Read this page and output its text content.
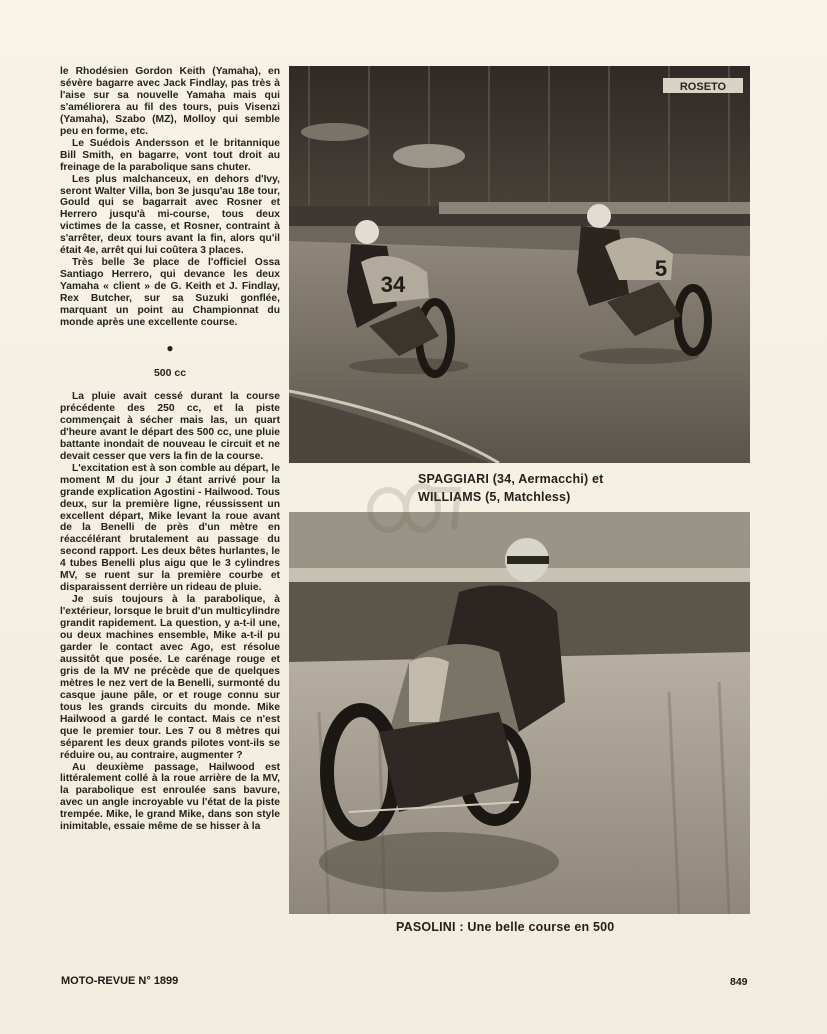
le Rhodésien Gordon Keith (Yamaha), en sévère bagarre avec Jack Findlay, pas très à l'aise sur sa nouvelle Yamaha mais qui s'améliorera au fil des tours, puis Visenzi (Yamaha), Szabo (MZ), Molloy qui semble peu en forme, etc.

Le Suédois Andersson et le britannique Bill Smith, en bagarre, vont tout droit au freinage de la parabolique sans chuter.

Les plus malchanceux, en dehors d'Ivy, seront Walter Villa, bon 3e jusqu'au 18e tour, Gould qui se bagarrait avec Rosner et Herrero jusqu'à mi-course, tous deux victimes de la casse, et Rosner, contraint à s'arrêter, deux tours avant la fin, alors qu'il était 4e, arrêt qui lui coûtera 3 places.

Très belle 3e place de l'officiel Ossa Santiago Herrero, qui devance les deux Yamaha « client » de G. Keith et J. Findlay, Rex Butcher, sur sa Suzuki gonflée, marquant un point au Championnat du monde après une excellente course.

●
500 cc

La pluie avait cessé durant la course précédente des 250 cc, et la piste commençait à sécher mais las, un quart d'heure avant le départ des 500 cc, une pluie battante inondait de nouveau le circuit et ne devait cesser que vers la fin de la course.

L'excitation est à son comble au départ, le moment M du jour J étant arrivé pour la grande explication Agostini - Hailwood. Tous deux, sur la première ligne, réussissent un excellent départ, Mike levant la roue avant de la Benelli de près d'un mètre en réaccélérant brutalement au passage du second rapport. Les deux bêtes hurlantes, le 4 tubes Benelli plus aigu que le 3 cylindres MV, se ruent sur la première courbe et disparaissent derrière un rideau de pluie.

Je suis toujours à la parabolique, à l'extérieur, lorsque le bruit d'un multicylindre grandit rapidement. La question, y a-t-il une, ou deux machines ensemble, Mike a-t-il pu garder le contact avec Ago, est résolue aussitôt que posée. Le carénage rouge et gris de la MV ne précède que de quelques mètres le nez vert de la Benelli, surmonté du casque jaune pâle, or et rouge connu sur tous les grands circuits du monde. Mike Hailwood a gardé le contact. Mais ce n'est que le premier tour. Les 7 ou 8 mètres qui séparent les deux grands pilotes vont-ils se réduire ou, au contraire, augmenter ?

Au deuxième passage, Hailwood est littéralement collé à la roue arrière de la MV, la parabolique est enroulée sans bavure, avec un angle incroyable vu l'état de la piste trempée. Mike, le grand Mike, dans son style inimitable, essaie même de se hisser à la

ROSETO
34
5
SPAGGIARI (34, Aermacchi) et
WILLIAMS (5, Matchless)
PASOLINI : Une belle course en 500
MOTO-REVUE N° 1899	849
